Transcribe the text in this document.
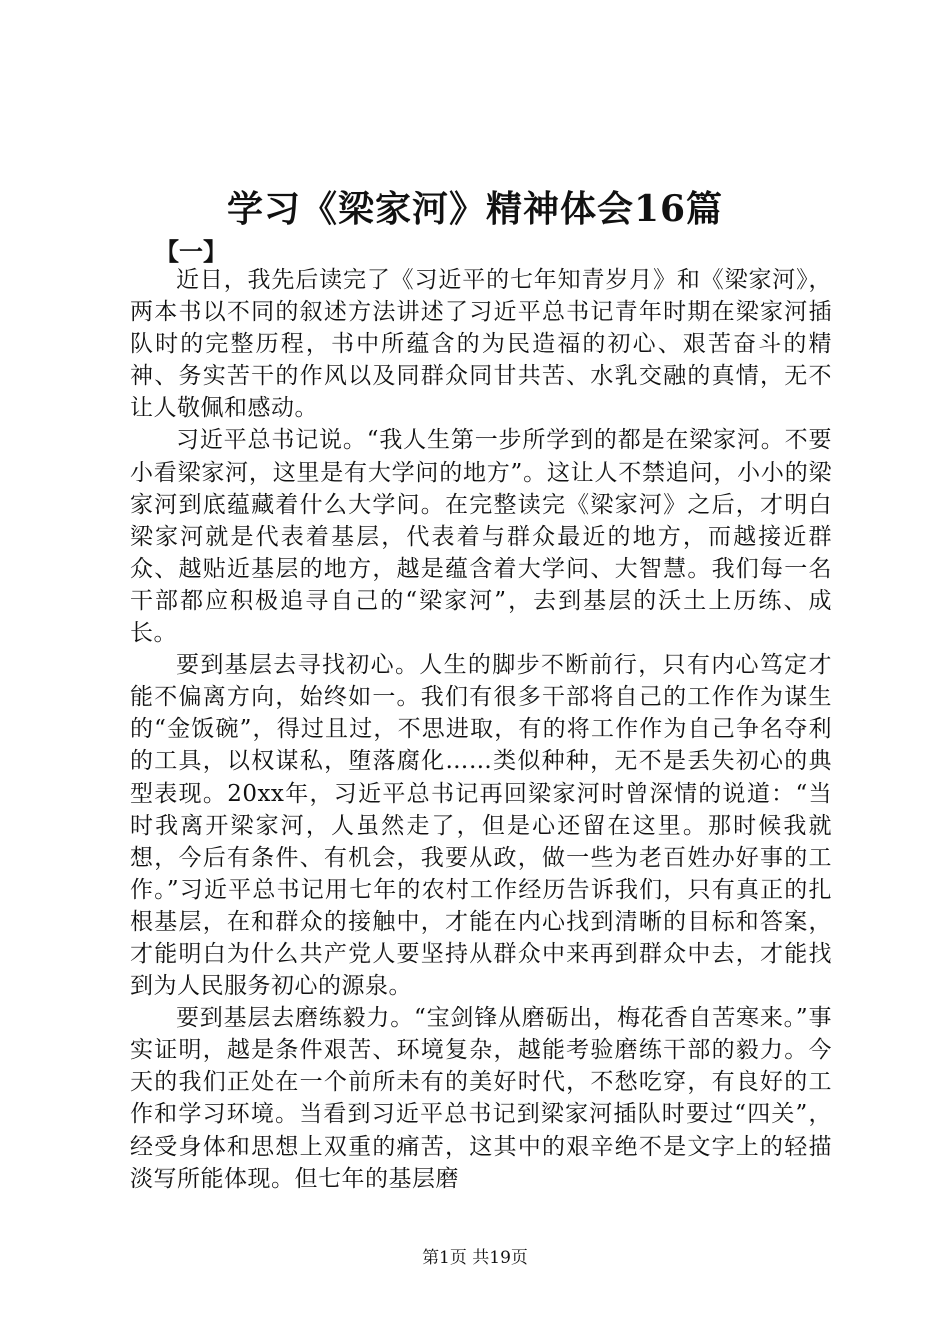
学习《梁家河》精神体会16篇
【一】

近日，我先后读完了《习近平的七年知青岁月》和《梁家河》，两本书以不同的叙述方法讲述了习近平总书记青年时期在梁家河插队时的完整历程，书中所蕴含的为民造福的初心、艰苦奋斗的精神、务实苦干的作风以及同群众同甘共苦、水乳交融的真情，无不让人敬佩和感动。

习近平总书记说。“我人生第一步所学到的都是在梁家河。不要小看梁家河，这里是有大学问的地方”。这让人不禁追问，小小的梁家河到底蕴藏着什么大学问。在完整读完《梁家河》之后，才明白梁家河就是代表着基层，代表着与群众最近的地方，而越接近群众、越贴近基层的地方，越是蕴含着大学问、大智慧。我们每一名干部都应积极追寻自己的“梁家河”，去到基层的沃土上历练、成长。

要到基层去寻找初心。人生的脚步不断前行，只有内心笃定才能不偏离方向，始终如一。我们有很多干部将自己的工作作为谋生的“金饭碗”，得过且过，不思进取，有的将工作作为自己争名夺利的工具，以权谋私，堕落腐化……类似种种，无不是丢失初心的典型表现。20xx年，习近平总书记再回梁家河时曾深情的说道：“当时我离开梁家河，人虽然走了，但是心还留在这里。那时候我就想，今后有条件、有机会，我要从政，做一些为老百姓办好事的工作。”习近平总书记用七年的农村工作经历告诉我们，只有真正的扎根基层，在和群众的接触中，才能在内心找到清晰的目标和答案，才能明白为什么共产党人要坚持从群众中来再到群众中去，才能找到为人民服务初心的源泉。

要到基层去磨练毅力。“宝剑锋从磨砺出，梅花香自苦寒来。”事实证明，越是条件艰苦、环境复杂，越能考验磨练干部的毅力。今天的我们正处在一个前所未有的美好时代，不愁吃穿，有良好的工作和学习环境。当看到习近平总书记到梁家河插队时要过“四关”，经受身体和思想上双重的痛苦，这其中的艰辛绝不是文字上的轻描淡写所能体现。但七年的基层磨

第1页 共19页
